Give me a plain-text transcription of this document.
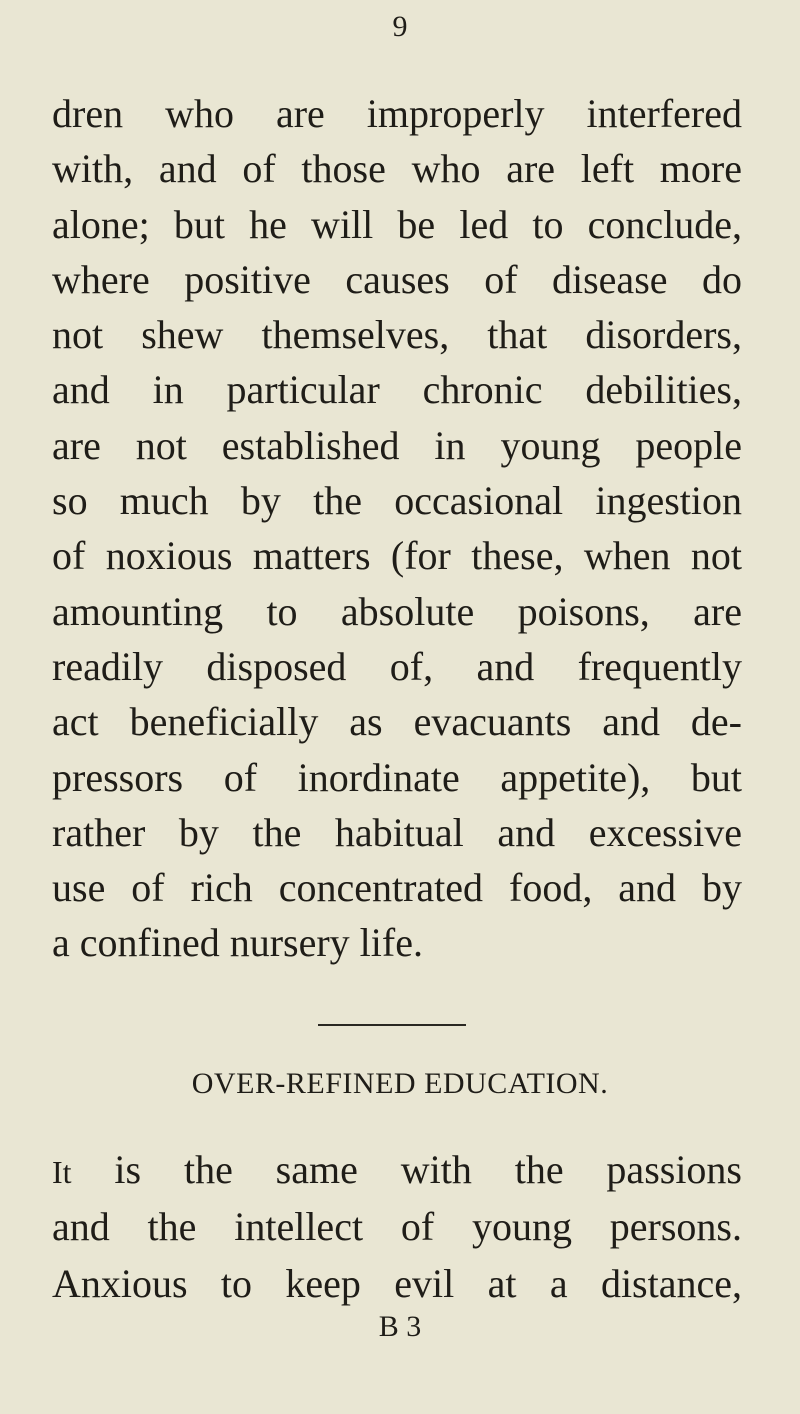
9
dren who are improperly interfered
with, and of those who are left more
alone; but he will be led to conclude,
where positive causes of disease do
not shew themselves, that disorders,
and in particular chronic debilities,
are not established in young people
so much by the occasional ingestion
of noxious matters (for these, when not
amounting to absolute poisons, are
readily disposed of, and frequently
act beneficially as evacuants and de-
pressors of inordinate appetite), but
rather by the habitual and excessive
use of rich concentrated food, and by
a confined nursery life.
OVER-REFINED EDUCATION.
It is the same with the passions
and the intellect of young persons.
Anxious to keep evil at a distance,
B 3
